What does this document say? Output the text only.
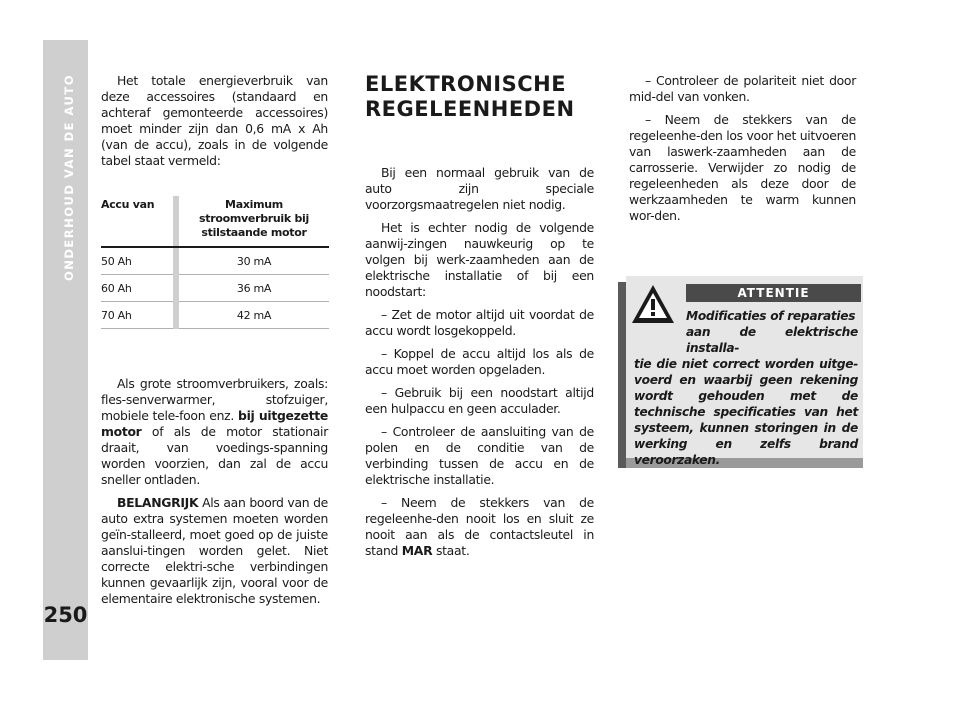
ONDERHOUD VAN DE AUTO
250

Het totale energieverbruik van deze accessoires (standaard en achteraf gemonteerde accessoires) moet minder zijn dan 0,6 mA x Ah (van de accu), zoals in de volgende tabel staat vermeld:

Accu van		Maximum stroomverbruik bij stilstaande motor
50 Ah		30 mA
60 Ah		36 mA
70 Ah		42 mA

Als grote stroomverbruikers, zoals: fles-senverwarmer, stofzuiger, mobiele tele-foon enz. bij uitgezette motor of als de motor stationair draait, van voedings-spanning worden voorzien, dan zal de accu sneller ontladen.

BELANGRIJK Als aan boord van de auto extra systemen moeten worden geïn-stalleerd, moet goed op de juiste aanslui-tingen worden gelet. Niet correcte elektri-sche verbindingen kunnen gevaarlijk zijn, vooral voor de elementaire elektronische systemen.

ELEKTRONISCHE
REGELEENHEDEN

Bij een normaal gebruik van de auto zijn speciale voorzorgsmaatregelen niet nodig.

Het is echter nodig de volgende aanwij-zingen nauwkeurig op te volgen bij werk-zaamheden aan de elektrische installatie of bij een noodstart:

– Zet de motor altijd uit voordat de accu wordt losgekoppeld.

– Koppel de accu altijd los als de accu moet worden opgeladen.

– Gebruik bij een noodstart altijd een hulpaccu en geen acculader.

– Controleer de aansluiting van de polen en de conditie van de verbinding tussen de accu en de elektrische installatie.

– Neem de stekkers van de regeleenhe-den nooit los en sluit ze nooit aan als de contactsleutel in stand MAR staat.

– Controleer de polariteit niet door mid-del van vonken.

– Neem de stekkers van de regeleenhe-den los voor het uitvoeren van laswerk-zaamheden aan de carrosserie. Verwijder zo nodig de regeleenheden als deze door de werkzaamheden te warm kunnen wor-den.

ATTENTIE
Modificaties of reparaties
aan de elektrische installa-
tie die niet correct worden uitge-voerd en waarbij geen rekening wordt gehouden met de technische specificaties van het systeem, kunnen storingen in de werking en zelfs brand veroorzaken.
